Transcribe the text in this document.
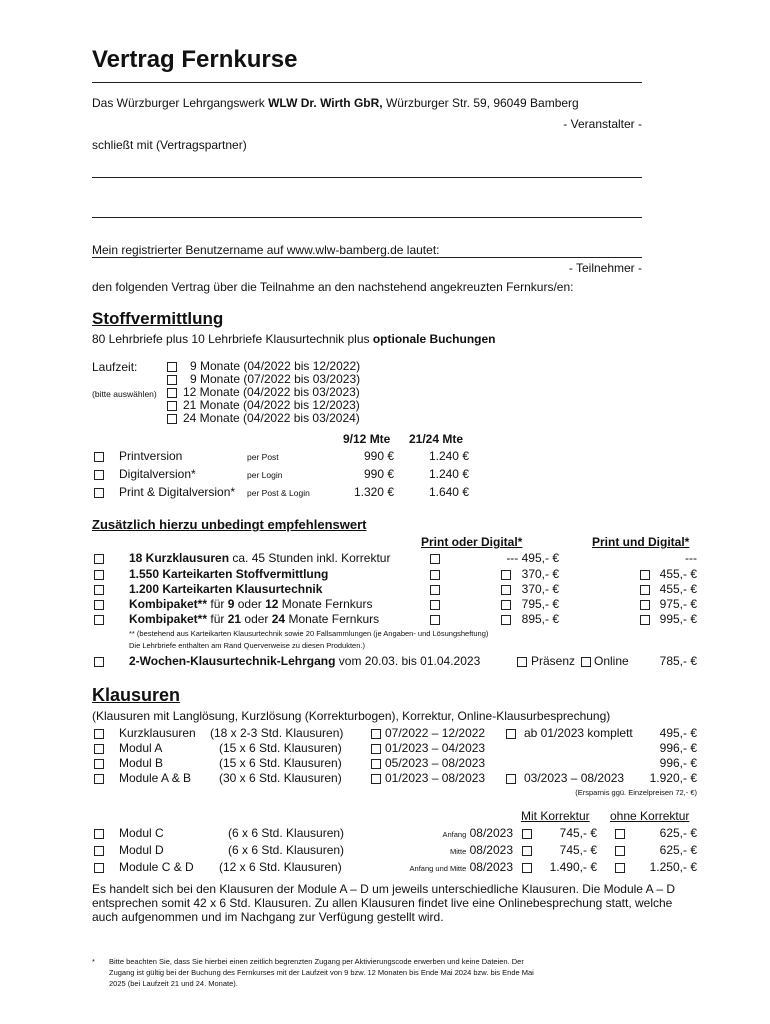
Vertrag Fernkurse
Das Würzburger Lehrgangswerk WLW Dr. Wirth GbR, Würzburger Str. 59, 96049 Bamberg
- Veranstalter -
schließt mit (Vertragspartner)
Mein registrierter Benutzername auf www.wlw-bamberg.de lautet:
- Teilnehmer -
den folgenden Vertrag über die Teilnahme an den nachstehend angekreuzten Fernkurs/en:
Stoffvermittlung
80 Lehrbriefe plus 10 Lehrbriefe Klausurtechnik plus optionale Buchungen
Laufzeit:
(bitte auswählen)
9 Monate (04/2022 bis 12/2022)
9 Monate (07/2022 bis 03/2023)
12 Monate (04/2022 bis 03/2023)
21 Monate (04/2022 bis 12/2023)
24 Monate (04/2022 bis 03/2024)
9/12 Mte 21/24 Mte
Printversion	per Post	990 €	1.240 €
Digitalversion*	per Login	990 €	1.240 €
Print & Digitalversion* per Post & Login	1.320 €	1.640 €
Zusätzlich hierzu unbedingt empfehlenswert
Print oder Digital*	Print und Digital*
18 Kurzklausuren ca. 45 Stunden inkl. Korrektur	--- 495,- €	---
1.550 Karteikarten Stoffvermittlung	370,- €	455,- €
1.200 Karteikarten Klausurtechnik	370,- €	455,- €
Kombipaket** für 9 oder 12 Monate Fernkurs	795,- €	975,- €
Kombipaket** für 21 oder 24 Monate Fernkurs	895,- €	995,- €
** (bestehend aus Karteikarten Klausurtechnik sowie 20 Fallsammlungen (je Angaben- und Lösungsheftung)
Die Lehrbriefe enthalten am Rand Querverweise zu diesen Produkten.)
2-Wochen-Klausurtechnik-Lehrgang vom 20.03. bis 01.04.2023	Präsenz Online	785,- €
Klausuren
(Klausuren mit Langlösung, Kurzlösung (Korrekturbogen), Korrektur, Online-Klausurbesprechung)
Kurzklausuren (18 x 2-3 Std. Klausuren)	07/2022 – 12/2022	ab 01/2023 komplett	495,- €
Modul A	(15 x 6 Std. Klausuren)	01/2023 – 04/2023	996,- €
Modul B	(15 x 6 Std. Klausuren)	05/2023 – 08/2023	996,- €
Module A & B (30 x 6 Std. Klausuren)	01/2023 – 08/2023	03/2023 – 08/2023	1.920,- €
(Ersparnis ggü. Einzelpreisen 72,- €)
Mit Korrektur ohne Korrektur
Modul C	(6 x 6 Std. Klausuren)	Anfang 08/2023	745,- €	625,- €
Modul D	(6 x 6 Std. Klausuren)	Mitte 08/2023	745,- €	625,- €
Module C & D (12 x 6 Std. Klausuren)	Anfang und Mitte 08/2023	1.490,- €	1.250,- €
Es handelt sich bei den Klausuren der Module A – D um jeweils unterschiedliche Klausuren. Die Module A – D
entsprechen somit 42 x 6 Std. Klausuren. Zu allen Klausuren findet live eine Onlinebesprechung statt, welche
auch aufgenommen und im Nachgang zur Verfügung gestellt wird.
* Bitte beachten Sie, dass Sie hierbei einen zeitlich begrenzten Zugang per Aktivierungscode erwerben und keine Dateien. Der
Zugang ist gültig bei der Buchung des Fernkurses mit der Laufzeit von 9 bzw. 12 Monaten bis Ende Mai 2024 bzw. bis Ende Mai
2025 (bei Laufzeit 21 und 24. Monate).
